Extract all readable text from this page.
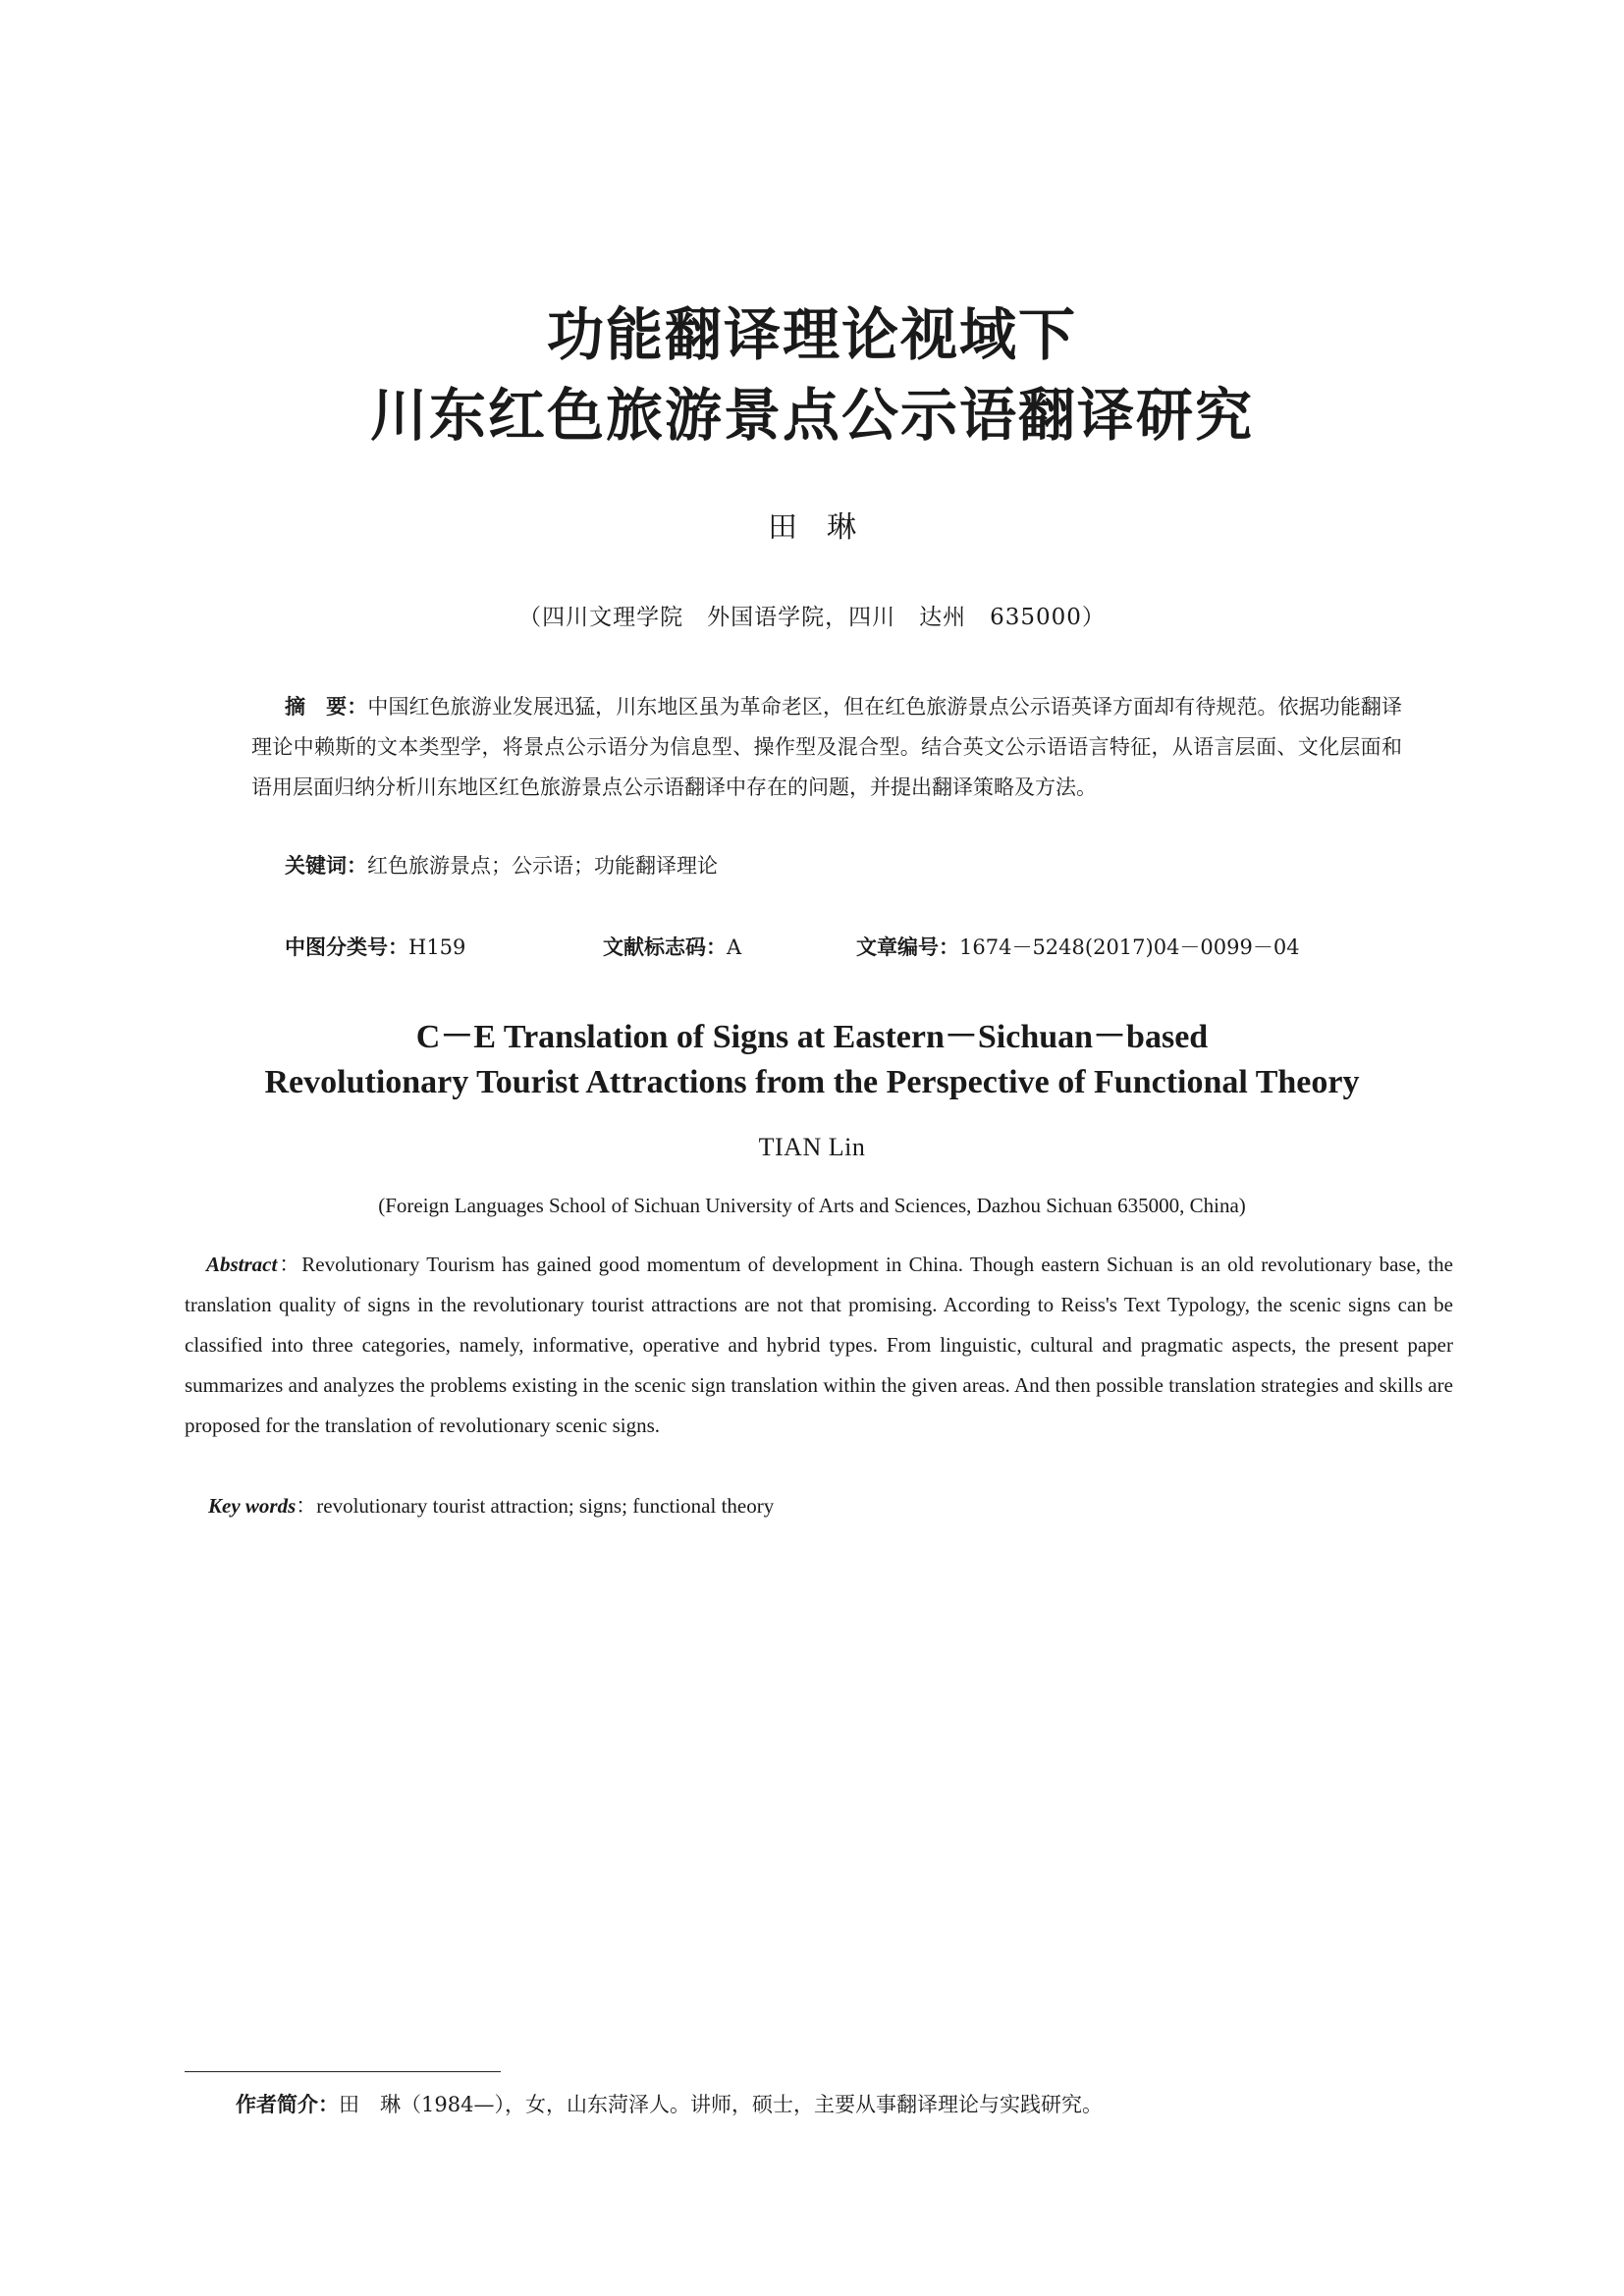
功能翻译理论视域下
川东红色旅游景点公示语翻译研究

田　琳

（四川文理学院　外国语学院，四川　达州　635000）

摘　要：中国红色旅游业发展迅猛，川东地区虽为革命老区，但在红色旅游景点公示语英译方面却有待规范。依据功能翻译理论中赖斯的文本类型学，将景点公示语分为信息型、操作型及混合型。结合英文公示语语言特征，从语言层面、文化层面和语用层面归纳分析川东地区红色旅游景点公示语翻译中存在的问题，并提出翻译策略及方法。

关键词：红色旅游景点；公示语；功能翻译理论

中图分类号：H159	文献标志码：A	文章编号：1674－5248(2017)04－0099－04

C－E Translation of Signs at Eastern－Sichuan－based
Revolutionary Tourist Attractions from the Perspective of Functional Theory

TIAN Lin

(Foreign Languages School of Sichuan University of Arts and Sciences, Dazhou Sichuan 635000, China)

Abstract：Revolutionary Tourism has gained good momentum of development in China. Though eastern Sichuan is an old revolutionary base, the translation quality of signs in the revolutionary tourist attractions are not that promising. According to Reiss's Text Typology, the scenic signs can be classified into three categories, namely, informative, operative and hybrid types. From linguistic, cultural and pragmatic aspects, the present paper summarizes and analyzes the problems existing in the scenic sign translation within the given areas. And then possible translation strategies and skills are proposed for the translation of revolutionary scenic signs.

Key words：revolutionary tourist attraction; signs; functional theory

作者简介：田　琳（1984—），女，山东菏泽人。讲师，硕士，主要从事翻译理论与实践研究。
